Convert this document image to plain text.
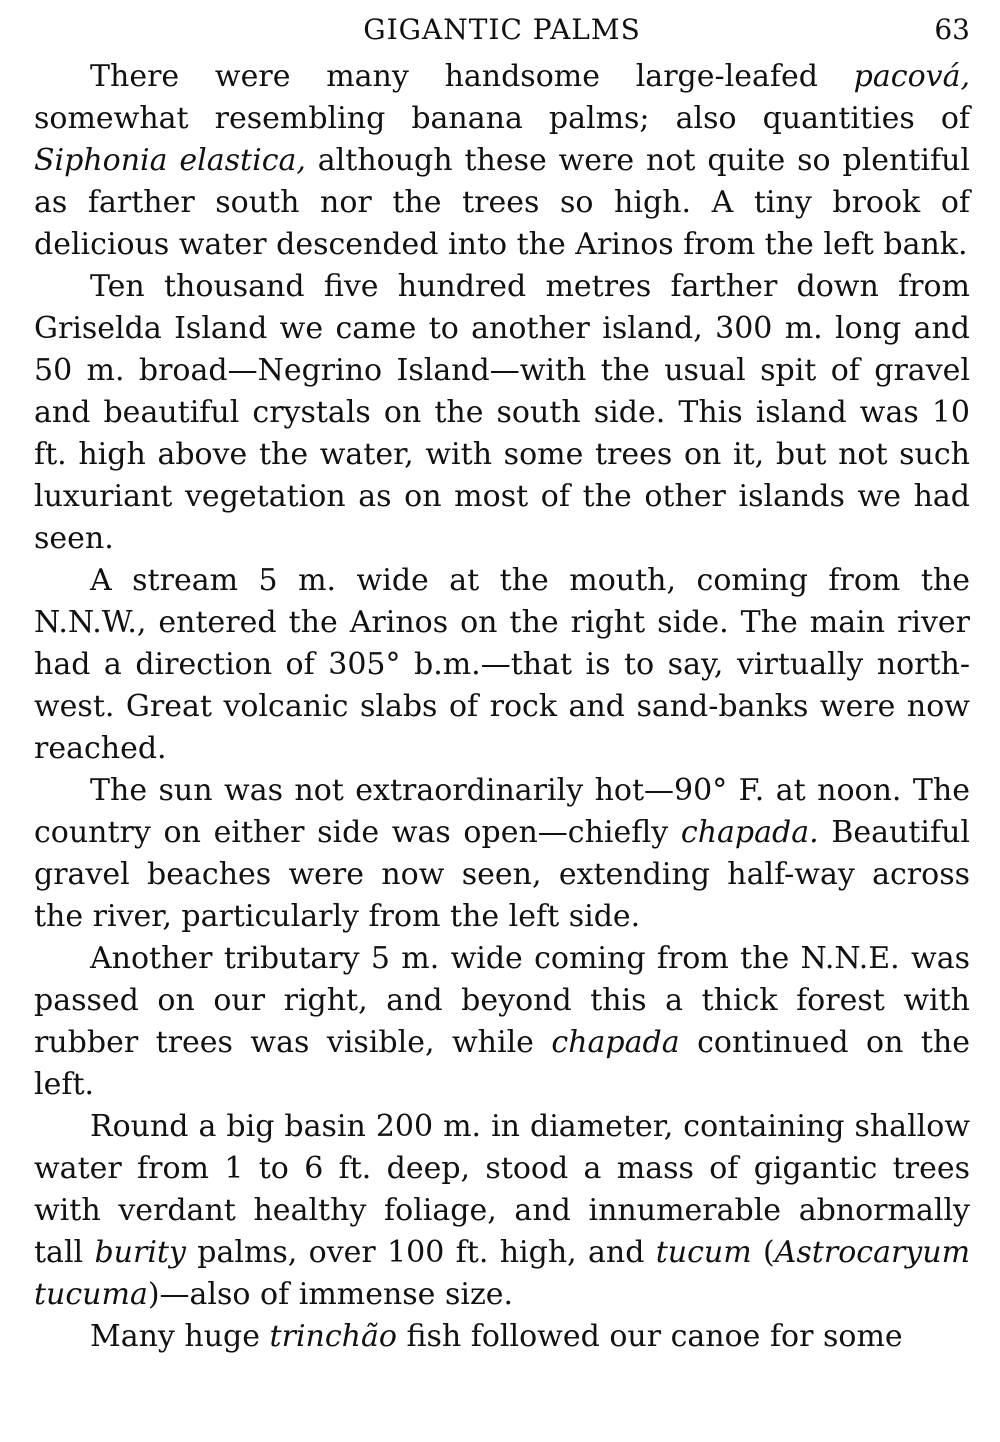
GIGANTIC PALMS	63

There were many handsome large-leafed pacová, somewhat resembling banana palms; also quantities of Siphonia elastica, although these were not quite so plentiful as farther south nor the trees so high. A tiny brook of delicious water descended into the Arinos from the left bank.

Ten thousand five hundred metres farther down from Griselda Island we came to another island, 300 m. long and 50 m. broad—Negrino Island—with the usual spit of gravel and beautiful crystals on the south side. This island was 10 ft. high above the water, with some trees on it, but not such luxuriant vegetation as on most of the other islands we had seen.

A stream 5 m. wide at the mouth, coming from the N.N.W., entered the Arinos on the right side. The main river had a direction of 305° b.m.—that is to say, virtually north-west. Great volcanic slabs of rock and sand-banks were now reached.

The sun was not extraordinarily hot—90° F. at noon. The country on either side was open—chiefly chapada. Beautiful gravel beaches were now seen, extending half-way across the river, particularly from the left side.

Another tributary 5 m. wide coming from the N.N.E. was passed on our right, and beyond this a thick forest with rubber trees was visible, while chapada continued on the left.

Round a big basin 200 m. in diameter, containing shallow water from 1 to 6 ft. deep, stood a mass of gigantic trees with verdant healthy foliage, and innumerable abnormally tall burity palms, over 100 ft. high, and tucum (Astrocaryum tucuma)—also of immense size.

Many huge trinchão fish followed our canoe for some
